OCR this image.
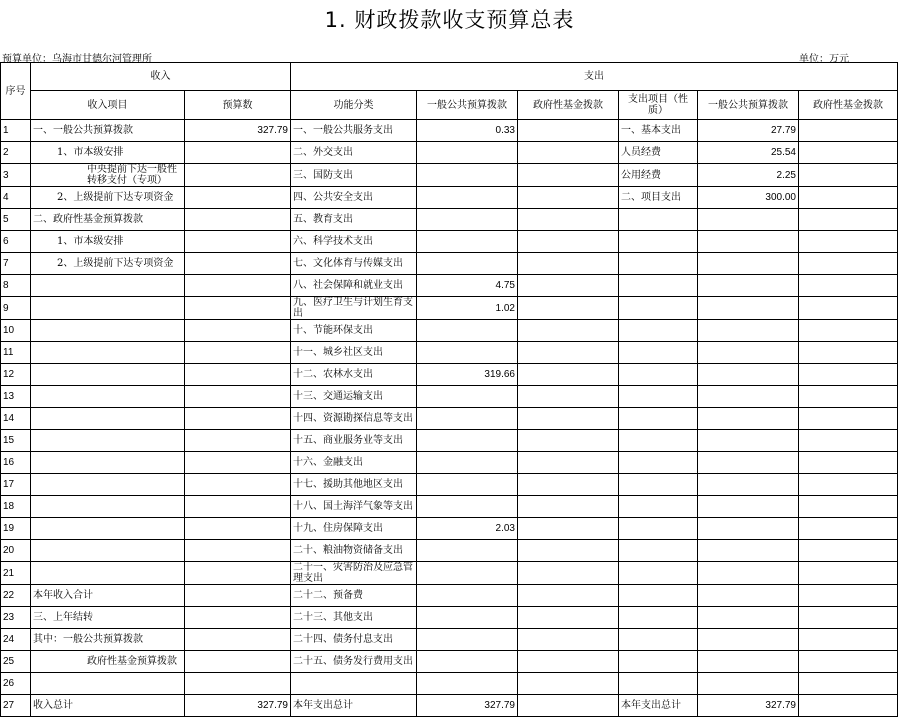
1. 财政拨款收支预算总表
预算单位：乌海市甘德尔河管理所	单位：万元
序号	收入		支出					
	收入项目	预算数	功能分类	一般公共预算拨款	政府性基金拨款	支出项目（性质）	一般公共预算拨款	政府性基金拨款
1	一、一般公共预算拨款	327.79	一、一般公共服务支出	0.33		一、基本支出	27.79	
2	1、市本级安排		二、外交支出			人员经费	25.54	
3	中央提前下达一般性转移支付（专项）		三、国防支出			公用经费	2.25	
4	2、上级提前下达专项资金		四、公共安全支出			二、项目支出	300.00	
5	二、政府性基金预算拨款		五、教育支出					
6	1、市本级安排		六、科学技术支出					
7	2、上级提前下达专项资金		七、文化体育与传媒支出					
8			八、社会保障和就业支出	4.75				
9			九、医疗卫生与计划生育支出	1.02				
10			十、节能环保支出					
11			十一、城乡社区支出					
12			十二、农林水支出	319.66				
13			十三、交通运输支出					
14			十四、资源勘探信息等支出					
15			十五、商业服务业等支出					
16			十六、金融支出					
17			十七、援助其他地区支出					
18			十八、国土海洋气象等支出					
19			十九、住房保障支出	2.03				
20			二十、粮油物资储备支出					
21			二十一、灾害防治及应急管理支出					
22	本年收入合计		二十二、预备费					
23	三、上年结转		二十三、其他支出					
24	其中：一般公共预算拨款		二十四、债务付息支出					
25	政府性基金预算拨款		二十五、债务发行费用支出					
26								
27	收入总计	327.79	本年支出总计	327.79		本年支出总计	327.79	
